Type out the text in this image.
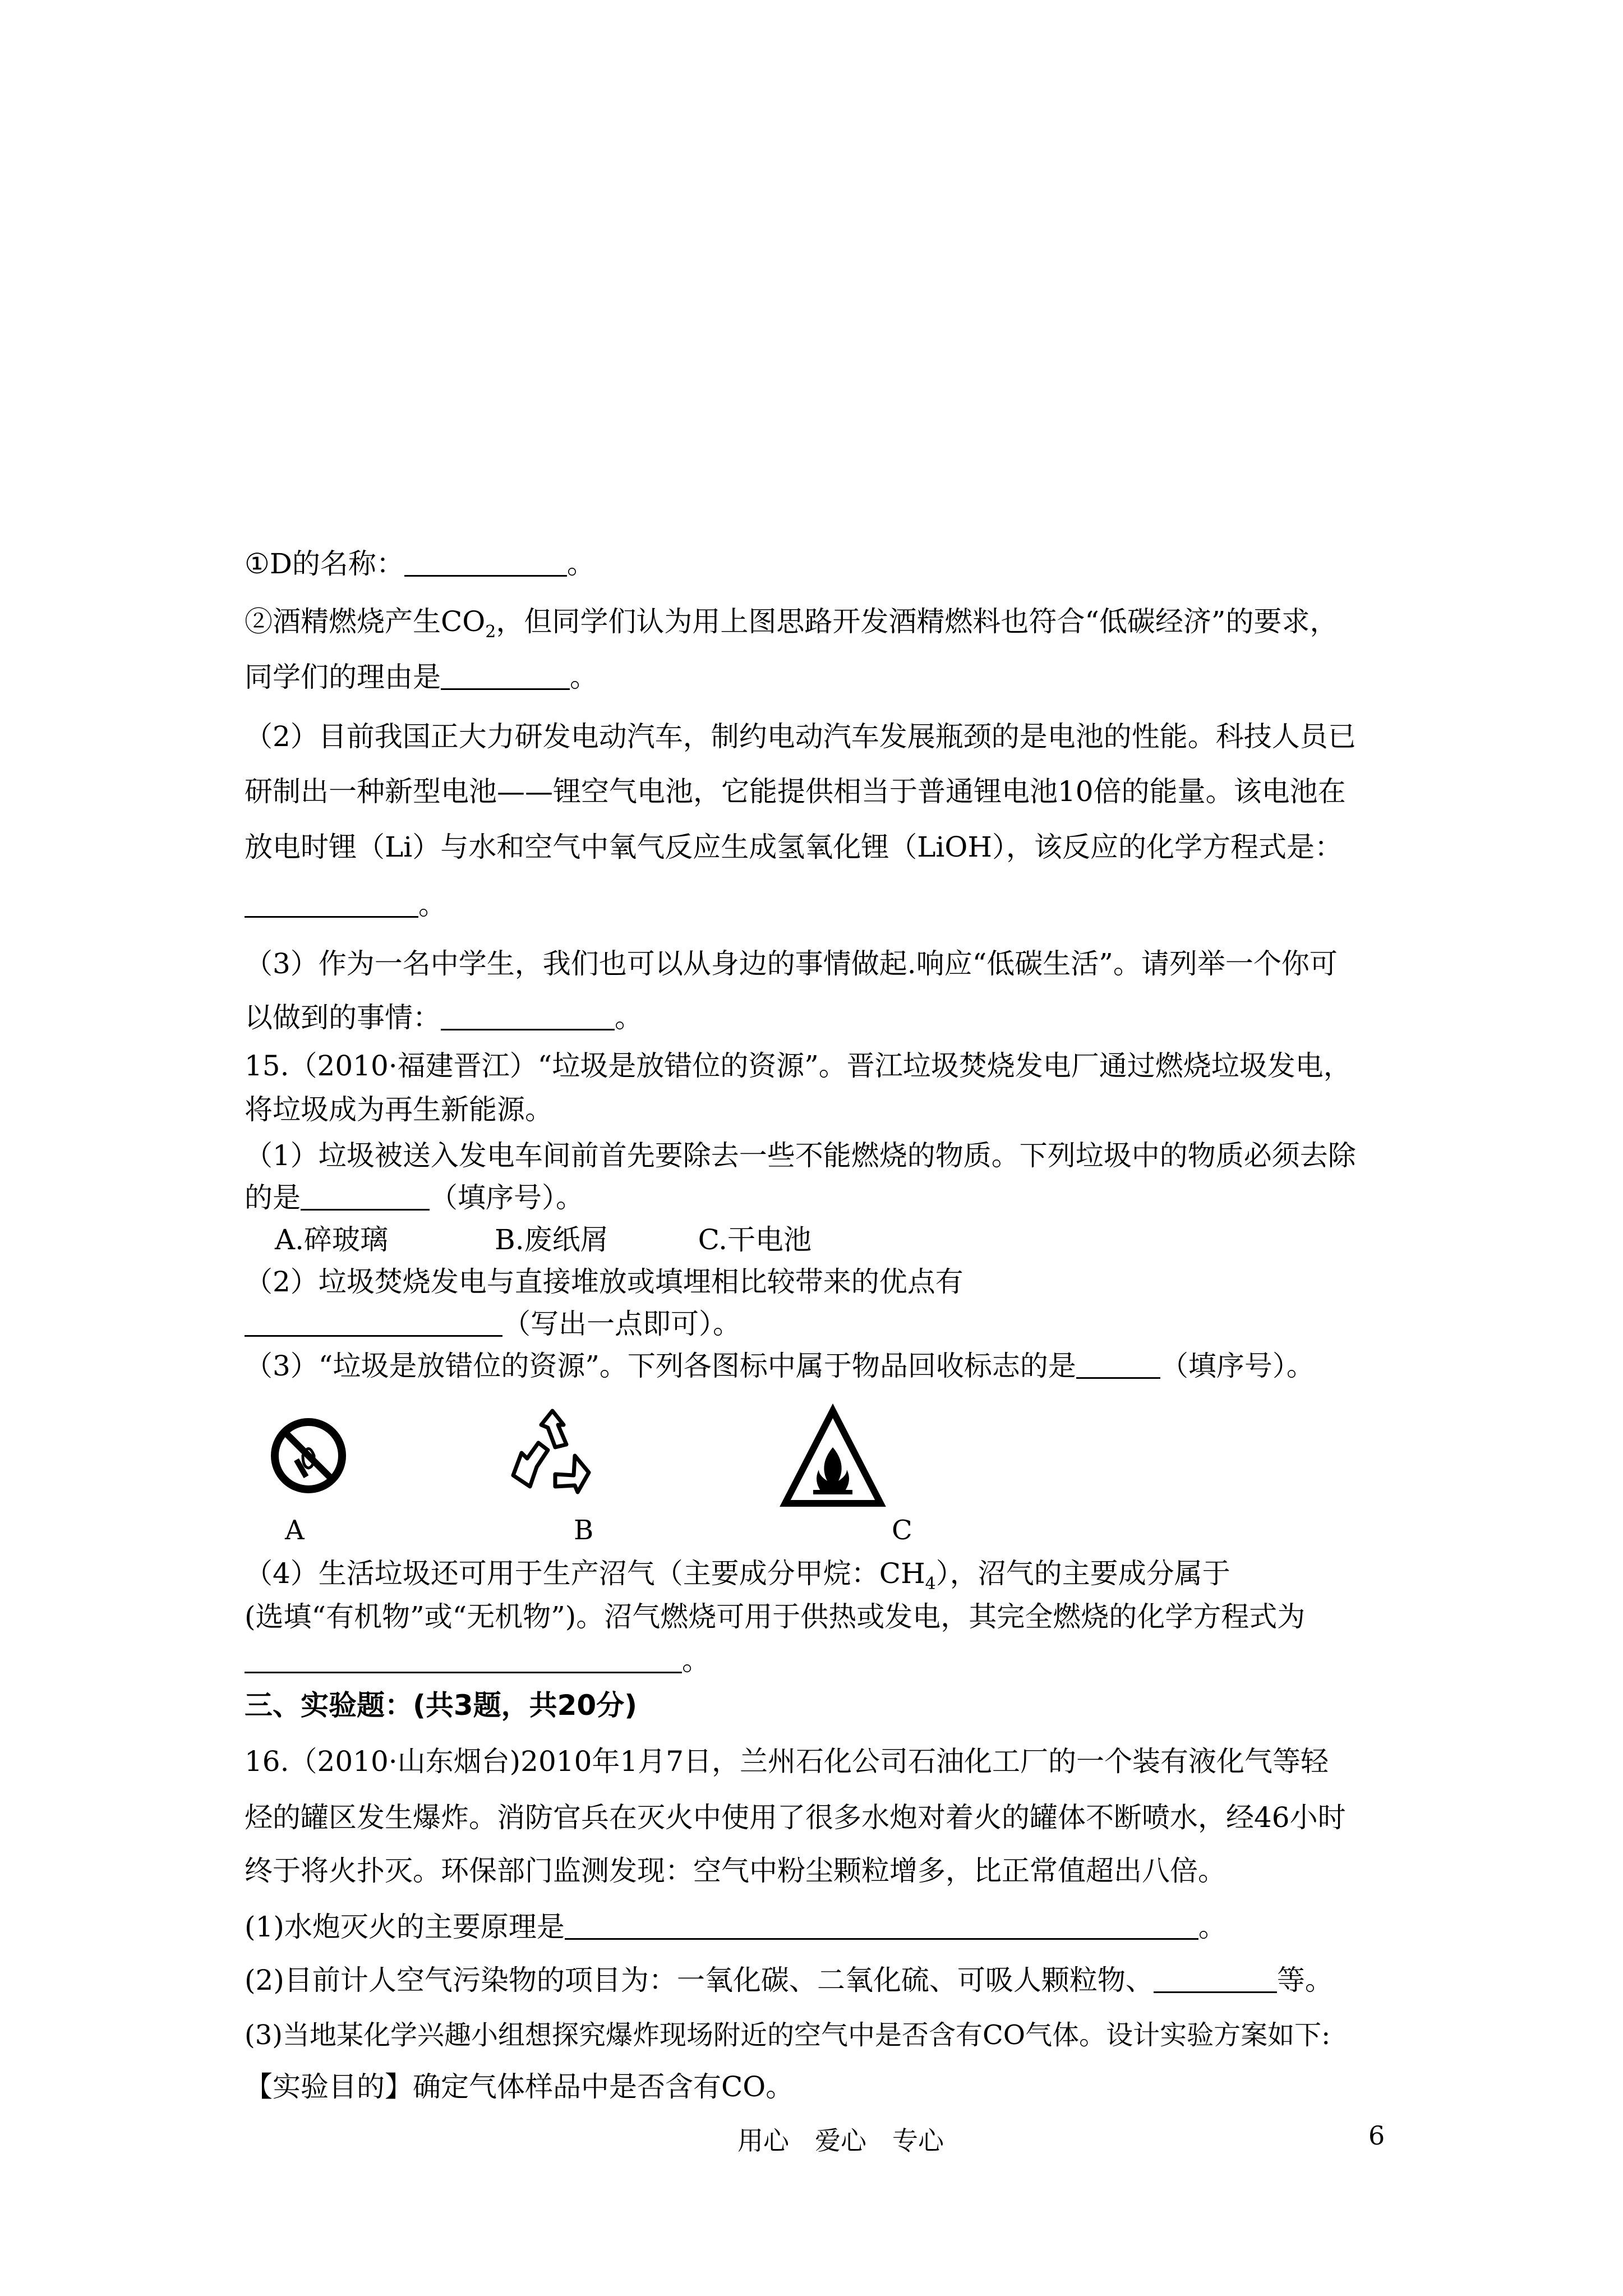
①D的名称：	。
②酒精燃烧产生$CO_2$，但同学们认为用上图思路开发酒精燃料也符合“低碳经济”的要求，
同学们的理由是	。
（2）目前我国正大力研发电动汽车，制约电动汽车发展瓶颈的是电池的性能。科技人员已
研制出一种新型电池——锂空气电池，它能提供相当于普通锂电池10倍的能量。该电池在
放电时锂（Li）与水和空气中氧气反应生成氢氧化锂（LiOH），该反应的化学方程式是：
。
（3）作为一名中学生，我们也可以从身边的事情做起.响应“低碳生活”。请列举一个你可
以做到的事情：	。
15.（2010·福建晋江）“垃圾是放错位的资源”。晋江垃圾焚烧发电厂通过燃烧垃圾发电，
将垃圾成为再生新能源。
（1）垃圾被送入发电车间前首先要除去一些不能燃烧的物质。下列垃圾中的物质必须去除
的是	（填序号）。
A.碎玻璃	B.废纸屑	C.干电池
（2）垃圾焚烧发电与直接堆放或填埋相比较带来的优点有
（写出一点即可）。
（3）“垃圾是放错位的资源”。下列各图标中属于物品回收标志的是	（填序号）。
A	B	C
（4）生活垃圾还可用于生产沼气（主要成分甲烷：$CH_4$），沼气的主要成分属于
(选填“有机物”或“无机物”)。沼气燃烧可用于供热或发电，其完全燃烧的化学方程式为
。
三、实验题：(共3题，共20分)
16.（2010·山东烟台)2010年1月7日，兰州石化公司石油化工厂的一个装有液化气等轻
烃的罐区发生爆炸。消防官兵在灭火中使用了很多水炮对着火的罐体不断喷水，经46小时
终于将火扑灭。环保部门监测发现：空气中粉尘颗粒增多，比正常值超出八倍。
(1)水炮灭火的主要原理是	。
(2)目前计人空气污染物的项目为：一氧化碳、二氧化硫、可吸人颗粒物、	等。
(3)当地某化学兴趣小组想探究爆炸现场附近的空气中是否含有CO气体。设计实验方案如下:
【实验目的】确定气体样品中是否含有CO。
用心　爱心　专心	6
